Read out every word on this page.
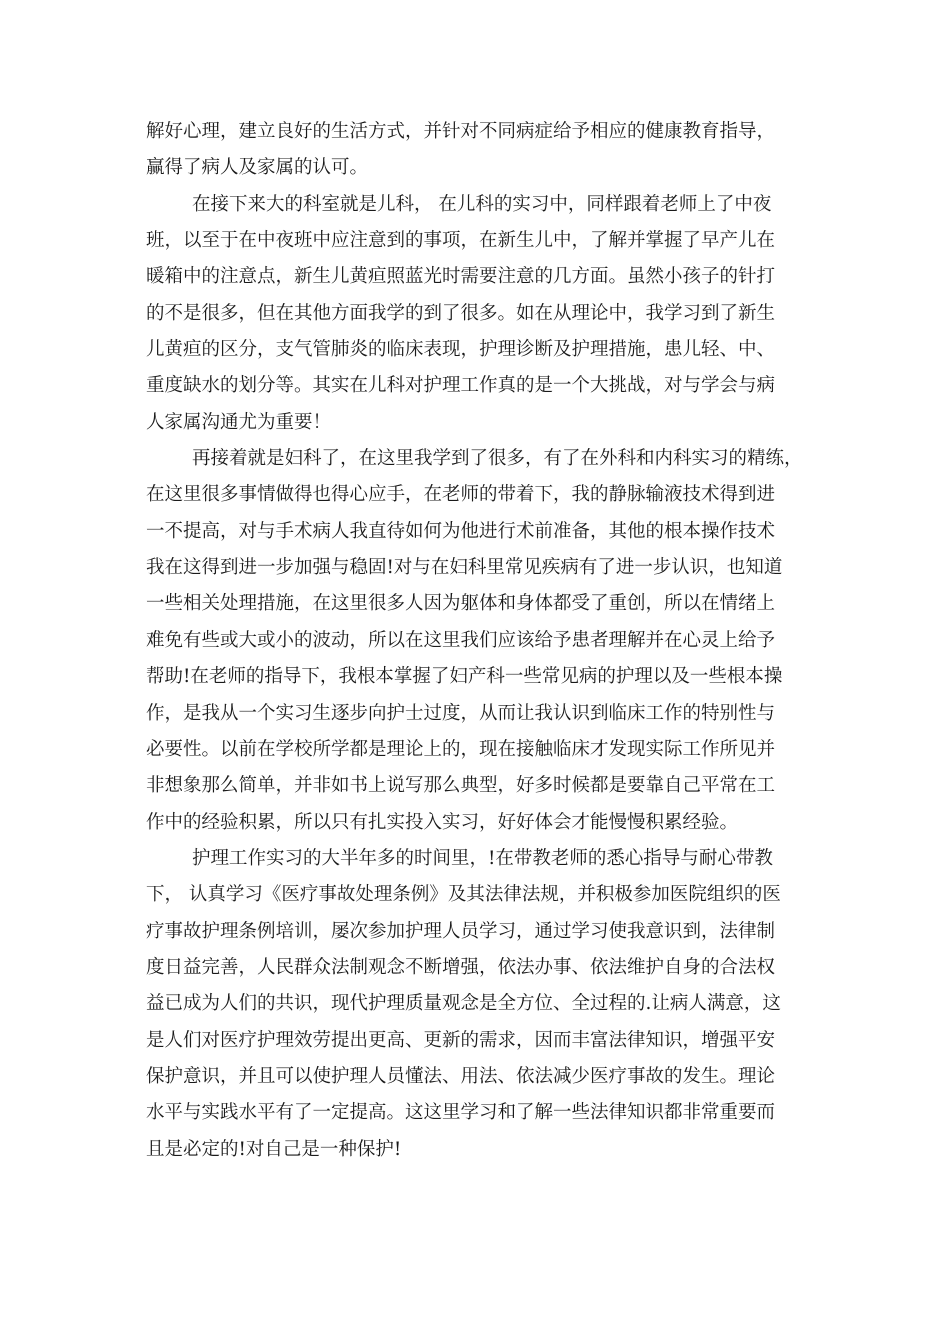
解好心理，建立良好的生活方式，并针对不同病症给予相应的健康教育指导，
赢得了病人及家属的认可。
在接下来大的科室就是儿科， 在儿科的实习中，同样跟着老师上了中夜
班，以至于在中夜班中应注意到的事项，在新生儿中，了解并掌握了早产儿在
暖箱中的注意点，新生儿黄疸照蓝光时需要注意的几方面。虽然小孩子的针打
的不是很多，但在其他方面我学的到了很多。如在从理论中，我学习到了新生
儿黄疸的区分，支气管肺炎的临床表现，护理诊断及护理措施，患儿轻、中、
重度缺水的划分等。其实在儿科对护理工作真的是一个大挑战，对与学会与病
人家属沟通尤为重要！
再接着就是妇科了，在这里我学到了很多，有了在外科和内科实习的精练，
在这里很多事情做得也得心应手，在老师的带着下，我的静脉输液技术得到进
一不提高，对与手术病人我直待如何为他进行术前准备，其他的根本操作技术
我在这得到进一步加强与稳固!对与在妇科里常见疾病有了进一步认识，也知道
一些相关处理措施，在这里很多人因为躯体和身体都受了重创，所以在情绪上
难免有些或大或小的波动，所以在这里我们应该给予患者理解并在心灵上给予
帮助!在老师的指导下，我根本掌握了妇产科一些常见病的护理以及一些根本操
作，是我从一个实习生逐步向护士过度，从而让我认识到临床工作的特别性与
必要性。以前在学校所学都是理论上的，现在接触临床才发现实际工作所见并
非想象那么简单，并非如书上说写那么典型，好多时候都是要靠自己平常在工
作中的经验积累，所以只有扎实投入实习，好好体会才能慢慢积累经验。
护理工作实习的大半年多的时间里，!在带教老师的悉心指导与耐心带教
下， 认真学习《医疗事故处理条例》及其法律法规，并积极参加医院组织的医
疗事故护理条例培训，屡次参加护理人员学习，通过学习使我意识到，法律制
度日益完善，人民群众法制观念不断增强，依法办事、依法维护自身的合法权
益已成为人们的共识，现代护理质量观念是全方位、全过程的.让病人满意，这
是人们对医疗护理效劳提出更高、更新的需求，因而丰富法律知识，增强平安
保护意识，并且可以使护理人员懂法、用法、依法减少医疗事故的发生。理论
水平与实践水平有了一定提高。这这里学习和了解一些法律知识都非常重要而
且是必定的!对自己是一种保护!
